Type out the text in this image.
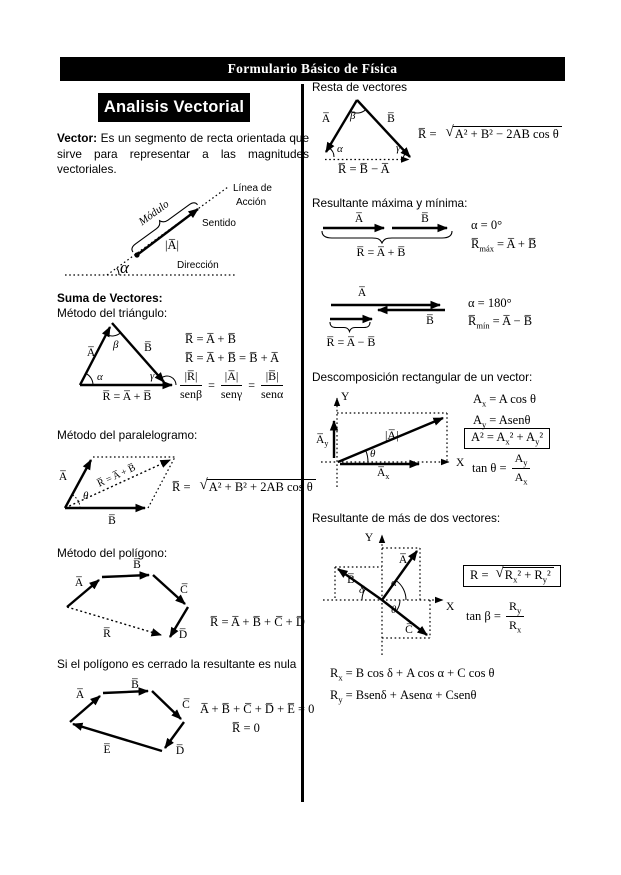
Formulario Básico de Física
Analisis Vectorial
Vector: Es un segmento de recta orientada que sirve para representar a las magnitudes vectoriales.
Módulo
Línea de
Acción
Sentido
|A̅|
α	Dirección
Suma de Vectores:
Método del triángulo:
A̅	B̅
α
β
γ
R̅ = A̅ + B̅
R̅ = A̅ + B̅
R̅ = A̅ + B̅ = B̅ + A̅
$\frac{|R̅|}{\text{senβ}} = \frac{|A̅|}{\text{senγ}} = \frac{|B̅|}{\text{senα}}$
Método del paralelogramo:
R̅ = A̅ + B̅
A̅
B̅
θ
R̅ = √ A² + B² + 2AB cos θ
Método del polígono:
A̅
B̅
C̅
D̅
R̅
R̅ = A̅ + B̅ + C̅ + D̅
Si el polígono es cerrado la resultante es nula
A̅
B̅
C̅
D̅
E̅
A̅ + B̅ + C̅ + D̅ + E̅ = 0
R̅ = 0
Resta de vectores
A̅	B̅
β
α	γ
R̅ = B̅ − A̅
R̅ = √ A² + B² − 2AB cos θ
Resultante máxima y mínima:
A̅	B̅
R̅ = A̅ + B̅
α = 0°
$R̅_{máx}$ = A̅ + B̅
A̅
B̅
R̅ = A̅ − B̅
α = 180°
$R̅_{mín}$ = A̅ − B̅
Descomposición rectangular de un vector:
Y
X
|A̅|
θ
$A̅_y$
$A̅_x$
$A_x = A$ cos θ
$A_y$ = Asenθ
$A^2 = A_x^2 + A_y^2$
$\tan \theta = \frac{A_y}{A_x}$
Resultante de más de dos vectores:
Y
X
A̅
B̅
C̅
δ
α
θ
R = √ $R_x^2 + R_y^2$
$\tan \beta = \frac{R_y}{R_x}$
$R_x = B$ cos δ + A cos α + C cos θ
$R_y$ = Bsenδ + Asenα + Csenθ
